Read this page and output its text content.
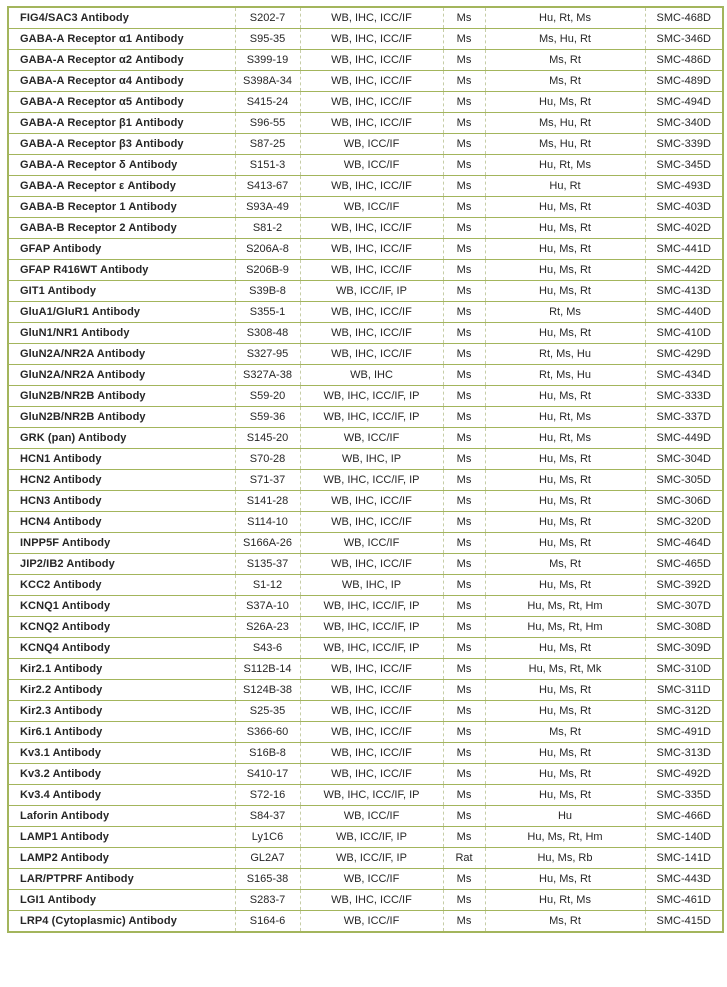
FIG4/SAC3 Antibody	S202-7	WB, IHC, ICC/IF	Ms	Hu, Rt, Ms	SMC-468D
GABA-A Receptor α1 Antibody	S95-35	WB, IHC, ICC/IF	Ms	Ms, Hu, Rt	SMC-346D
GABA-A Receptor α2 Antibody	S399-19	WB, IHC, ICC/IF	Ms	Ms, Rt	SMC-486D
GABA-A Receptor α4 Antibody	S398A-34	WB, IHC, ICC/IF	Ms	Ms, Rt	SMC-489D
GABA-A Receptor α5 Antibody	S415-24	WB, IHC, ICC/IF	Ms	Hu, Ms, Rt	SMC-494D
GABA-A Receptor β1 Antibody	S96-55	WB, IHC, ICC/IF	Ms	Ms, Hu, Rt	SMC-340D
GABA-A Receptor β3 Antibody	S87-25	WB, ICC/IF	Ms	Ms, Hu, Rt	SMC-339D
GABA-A Receptor δ Antibody	S151-3	WB, ICC/IF	Ms	Hu, Rt, Ms	SMC-345D
GABA-A Receptor ε Antibody	S413-67	WB, IHC, ICC/IF	Ms	Hu, Rt	SMC-493D
GABA-B Receptor 1 Antibody	S93A-49	WB, ICC/IF	Ms	Hu, Ms, Rt	SMC-403D
GABA-B Receptor 2 Antibody	S81-2	WB, IHC, ICC/IF	Ms	Hu, Ms, Rt	SMC-402D
GFAP Antibody	S206A-8	WB, IHC, ICC/IF	Ms	Hu, Ms, Rt	SMC-441D
GFAP R416WT Antibody	S206B-9	WB, IHC, ICC/IF	Ms	Hu, Ms, Rt	SMC-442D
GIT1 Antibody	S39B-8	WB, ICC/IF, IP	Ms	Hu, Ms, Rt	SMC-413D
GluA1/GluR1 Antibody	S355-1	WB, IHC, ICC/IF	Ms	Rt, Ms	SMC-440D
GluN1/NR1 Antibody	S308-48	WB, IHC, ICC/IF	Ms	Hu, Ms, Rt	SMC-410D
GluN2A/NR2A Antibody	S327-95	WB, IHC, ICC/IF	Ms	Rt, Ms, Hu	SMC-429D
GluN2A/NR2A Antibody	S327A-38	WB, IHC	Ms	Rt, Ms, Hu	SMC-434D
GluN2B/NR2B Antibody	S59-20	WB, IHC, ICC/IF, IP	Ms	Hu, Ms, Rt	SMC-333D
GluN2B/NR2B Antibody	S59-36	WB, IHC, ICC/IF, IP	Ms	Hu, Rt, Ms	SMC-337D
GRK (pan) Antibody	S145-20	WB, ICC/IF	Ms	Hu, Rt, Ms	SMC-449D
HCN1 Antibody	S70-28	WB, IHC, IP	Ms	Hu, Ms, Rt	SMC-304D
HCN2 Antibody	S71-37	WB, IHC, ICC/IF, IP	Ms	Hu, Ms, Rt	SMC-305D
HCN3 Antibody	S141-28	WB, IHC, ICC/IF	Ms	Hu, Ms, Rt	SMC-306D
HCN4 Antibody	S114-10	WB, IHC, ICC/IF	Ms	Hu, Ms, Rt	SMC-320D
INPP5F Antibody	S166A-26	WB, ICC/IF	Ms	Hu, Ms, Rt	SMC-464D
JIP2/IB2 Antibody	S135-37	WB, IHC, ICC/IF	Ms	Ms, Rt	SMC-465D
KCC2 Antibody	S1-12	WB, IHC, IP	Ms	Hu, Ms, Rt	SMC-392D
KCNQ1 Antibody	S37A-10	WB, IHC, ICC/IF, IP	Ms	Hu, Ms, Rt, Hm	SMC-307D
KCNQ2 Antibody	S26A-23	WB, IHC, ICC/IF, IP	Ms	Hu, Ms, Rt, Hm	SMC-308D
KCNQ4 Antibody	S43-6	WB, IHC, ICC/IF, IP	Ms	Hu, Ms, Rt	SMC-309D
Kir2.1 Antibody	S112B-14	WB, IHC, ICC/IF	Ms	Hu, Ms, Rt, Mk	SMC-310D
Kir2.2 Antibody	S124B-38	WB, IHC, ICC/IF	Ms	Hu, Ms, Rt	SMC-311D
Kir2.3 Antibody	S25-35	WB, IHC, ICC/IF	Ms	Hu, Ms, Rt	SMC-312D
Kir6.1 Antibody	S366-60	WB, IHC, ICC/IF	Ms	Ms, Rt	SMC-491D
Kv3.1 Antibody	S16B-8	WB, IHC, ICC/IF	Ms	Hu, Ms, Rt	SMC-313D
Kv3.2 Antibody	S410-17	WB, IHC, ICC/IF	Ms	Hu, Ms, Rt	SMC-492D
Kv3.4 Antibody	S72-16	WB, IHC, ICC/IF, IP	Ms	Hu, Ms, Rt	SMC-335D
Laforin Antibody	S84-37	WB, ICC/IF	Ms	Hu	SMC-466D
LAMP1 Antibody	Ly1C6	WB, ICC/IF, IP	Ms	Hu, Ms, Rt, Hm	SMC-140D
LAMP2 Antibody	GL2A7	WB, ICC/IF, IP	Rat	Hu, Ms, Rb	SMC-141D
LAR/PTPRF Antibody	S165-38	WB, ICC/IF	Ms	Hu, Ms, Rt	SMC-443D
LGI1 Antibody	S283-7	WB, IHC, ICC/IF	Ms	Hu, Rt, Ms	SMC-461D
LRP4 (Cytoplasmic) Antibody	S164-6	WB, ICC/IF	Ms	Ms, Rt	SMC-415D
